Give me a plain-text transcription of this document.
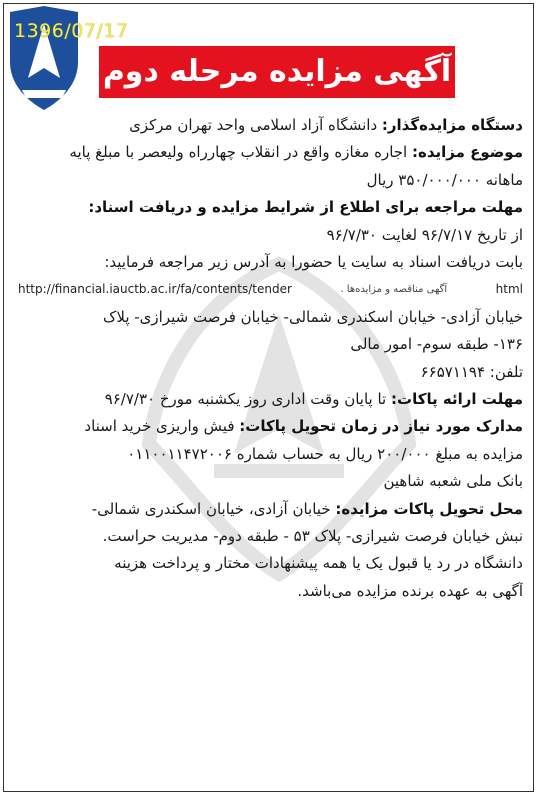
1396/07/17
آگهی مزایده مرحله دوم
دستگاه مزایده‌گذار: دانشگاه آزاد اسلامی واحد تهران مرکزی
موضوع مزایده: اجاره مغازه واقع در انقلاب چهارراه ولیعصر با مبلغ پایه
ماهانه ۳۵۰/۰۰۰/۰۰۰ ریال
مهلت مراجعه برای اطلاع از شرایط مزایده و دریافت اسناد:
از تاریخ ۹۶/۷/۱۷ لغایت ۹۶/۷/۳۰
بابت دریافت اسناد به سایت یا حضورا به آدرس زیر مراجعه فرمایید:
http://financial.iauctb.ac.ir/fa/contents/tender	آگهی مناقصه و مزایده‌ها .	html
خیابان آزادی- خیابان اسکندری شمالی- خیابان فرصت شیرازی- پلاک
۱۳۶- طبقه سوم- امور مالی
تلفن: ۶۶۵۷۱۱۹۴
مهلت ارائه پاکات: تا پایان وقت اداری روز یکشنبه مورخ ۹۶/۷/۳۰
مدارک مورد نیاز در زمان تحویل پاکات: فیش واریزی خرید اسناد
مزایده به مبلغ ۲۰۰/۰۰۰ ریال به حساب شماره ۰۱۱۰۰۱۱۴۷۲۰۰۶
بانک ملی شعبه شاهین
محل تحویل پاکات مزایده: خیابان آزادی، خیابان اسکندری شمالی-
نبش خیابان فرصت شیرازی- پلاک ۵۳ - طبقه دوم- مدیریت حراست.
دانشگاه در رد یا قبول یک یا همه پیشنهادات مختار و پرداخت هزینه
آگهی به عهده برنده مزایده می‌باشد.
